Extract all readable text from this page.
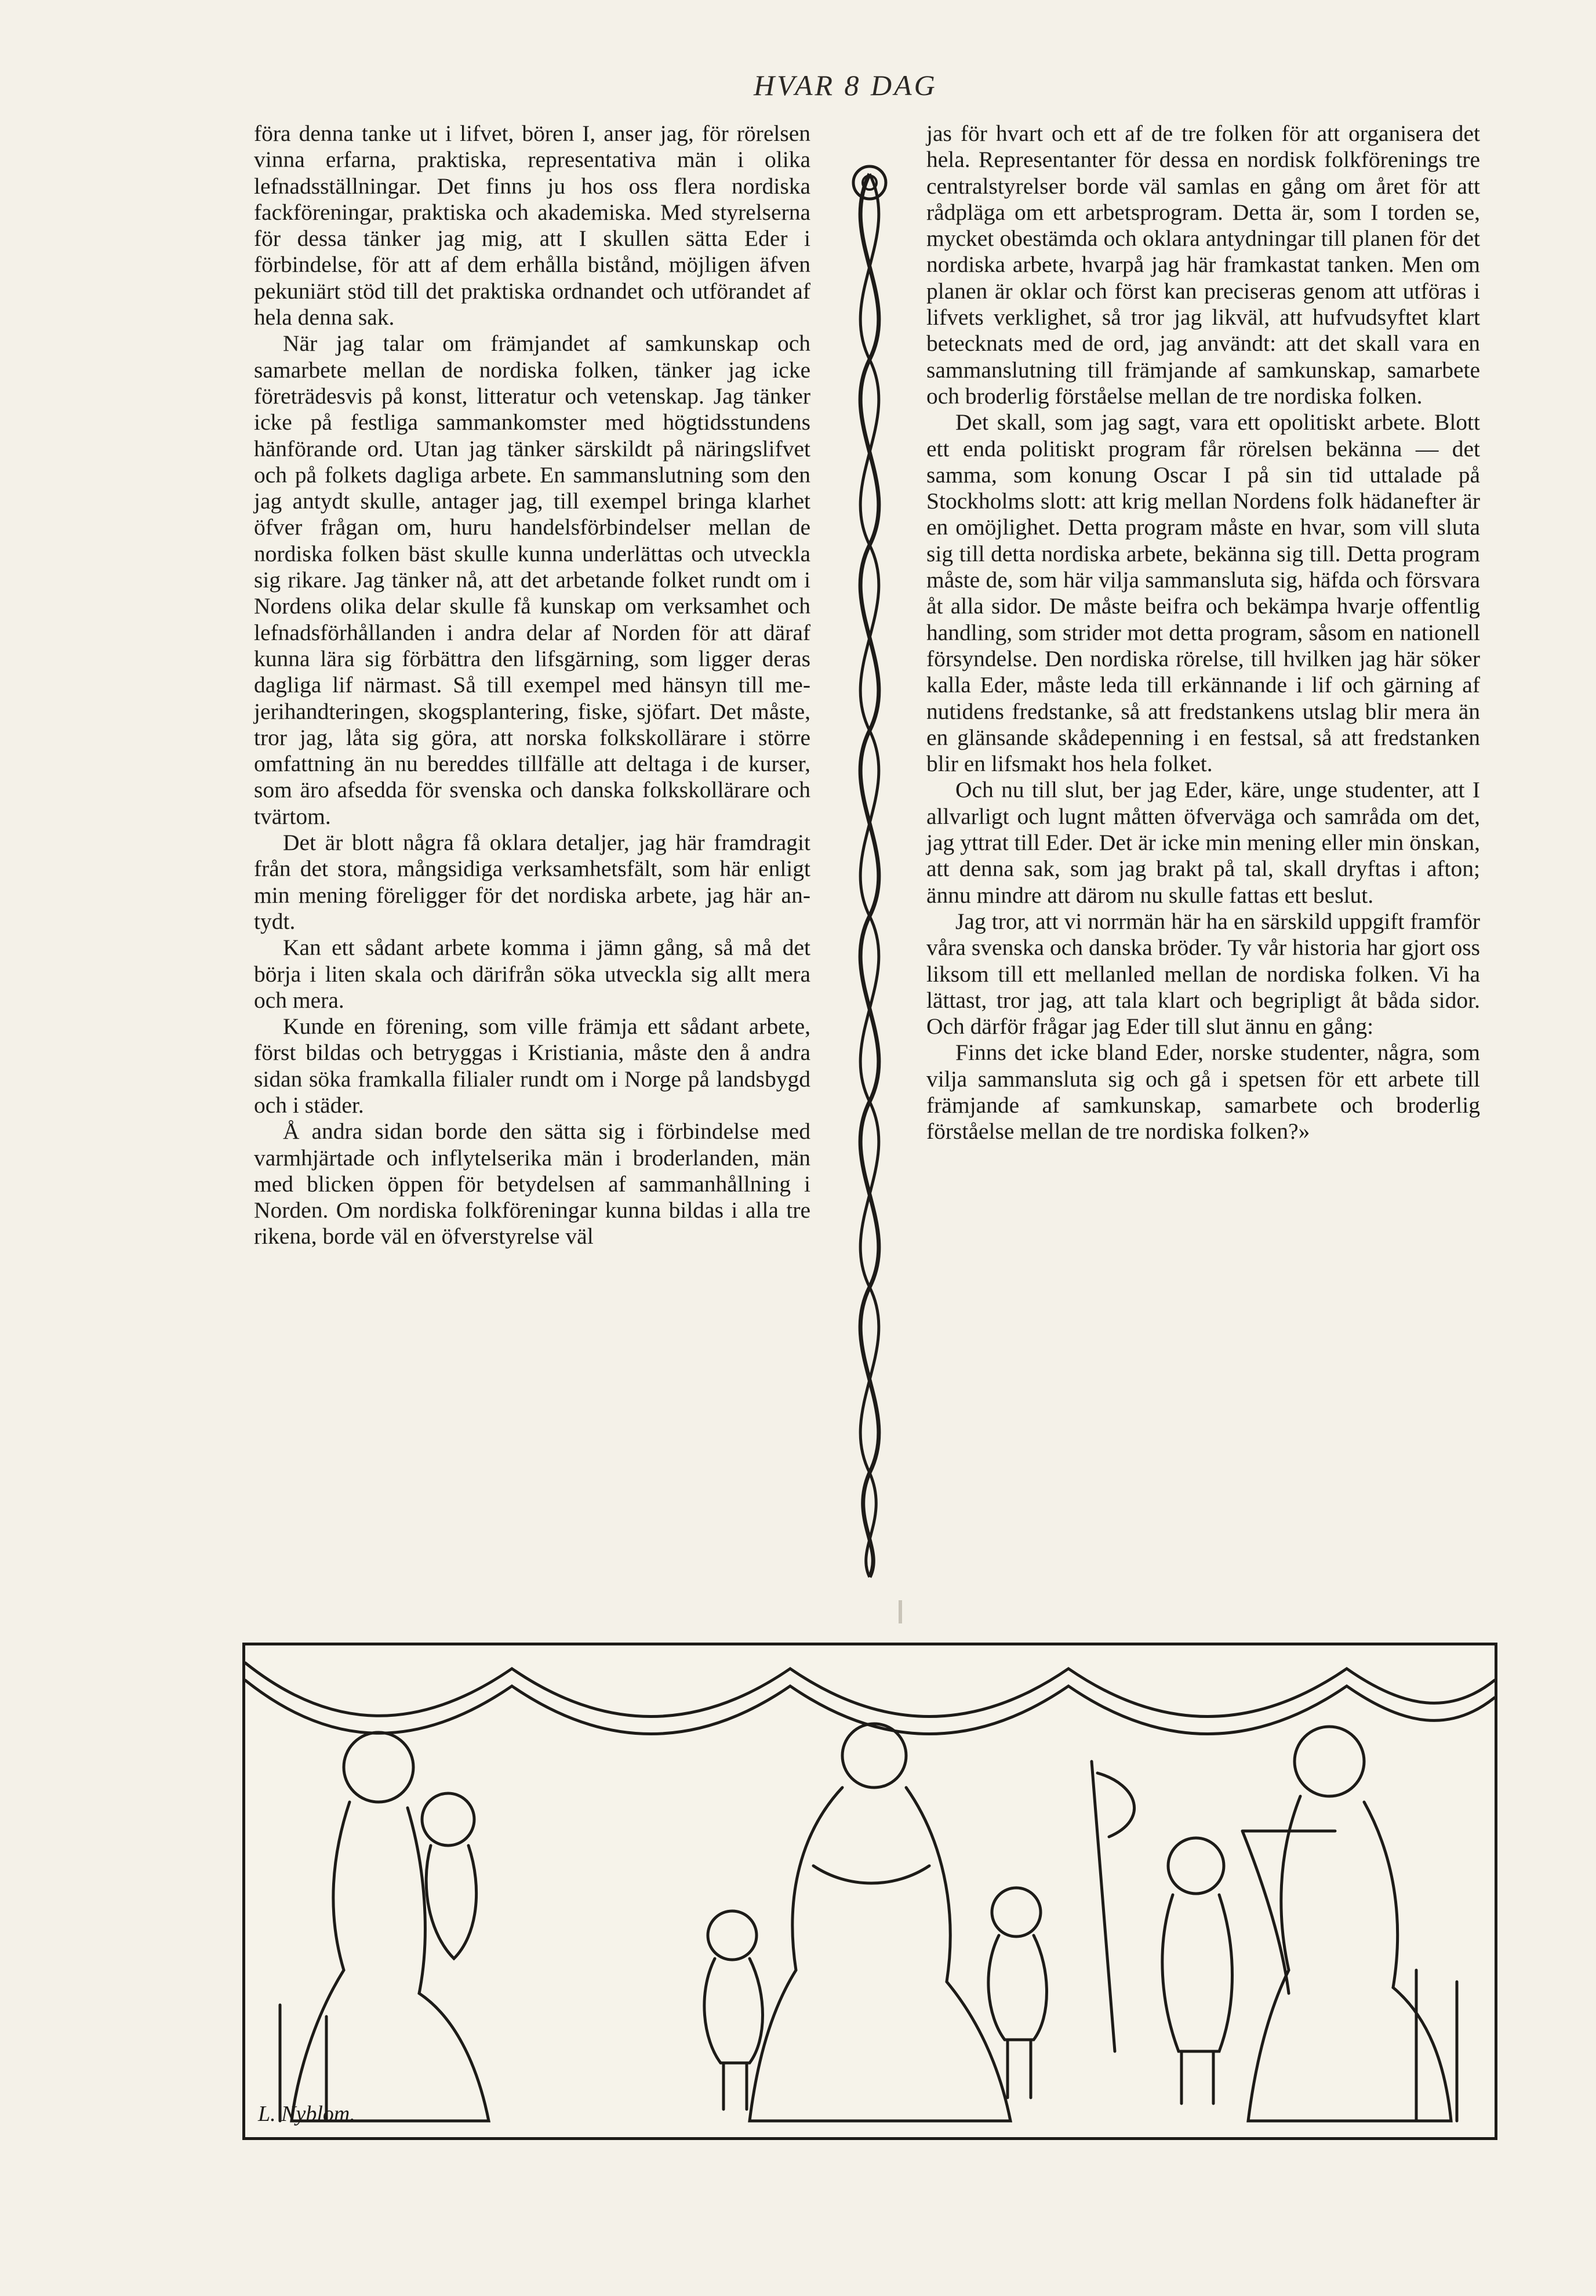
HVAR 8 DAG

föra denna tanke ut i lifvet, bören I, anser jag, för rörelsen vinna erfarna, praktiska, representativa män i olika lefnadsställningar. Det finns ju hos oss flera nordiska fackföreningar, praktiska och akademiska. Med styrelserna för dessa tänker jag mig, att I skullen sätta Eder i förbindelse, för att af dem erhålla bistånd, möjligen äfven pekuniärt stöd till det praktiska ordnandet och utförandet af hela denna sak.

När jag talar om främjandet af samkunskap och samarbete mellan de nordiska folken, tänker jag icke företrädesvis på konst, litteratur och vetenskap. Jag tänker icke på festliga sammankomster med högtidsstundens hänförande ord. Utan jag tänker särskildt på näringslifvet och på folkets dagliga arbete. En sammanslutning som den jag antydt skulle, antager jag, till exempel bringa klarhet öfver frågan om, huru handelsförbindelser mellan de nordiska folken bäst skulle kunna underlättas och utveckla sig rikare. Jag tänker nå, att det arbetande folket rundt om i Nordens olika delar skulle få kunskap om verksamhet och lefnadsförhållanden i andra delar af Norden för att däraf kunna lära sig förbättra den lifsgärning, som ligger deras dagliga lif närmast. Så till exempel med hänsyn till mejerihandteringen, skogsplantering, fiske, sjöfart. Det måste, tror jag, låta sig göra, att norska folkskollärare i större omfattning än nu bereddes tillfälle att deltaga i de kurser, som äro afsedda för svenska och danska folkskollärare och tvärtom.

Det är blott några få oklara detaljer, jag här framdragit från det stora, mångsidiga verksamhetsfält, som här enligt min mening föreligger för det nordiska arbete, jag här antydt.

Kan ett sådant arbete komma i jämn gång, så må det börja i liten skala och därifrån söka utveckla sig allt mera och mera.

Kunde en förening, som ville främja ett sådant arbete, först bildas och betryggas i Kristiania, måste den å andra sidan söka framkalla filialer rundt om i Norge på landsbygd och i städer.

Å andra sidan borde den sätta sig i förbindelse med varmhjärtade och inflytelserika män i broderlanden, män med blicken öppen för betydelsen af sammanhållning i Norden. Om nordiska folkföreningar kunna bildas i alla tre rikena, borde väl en öfverstyrelse väl

jas för hvart och ett af de tre folken för att organisera det hela. Representanter för dessa en nordisk folkförenings tre centralstyrelser borde väl samlas en gång om året för att rådpläga om ett arbetsprogram. Detta är, som I torden se, mycket obestämda och oklara antydningar till planen för det nordiska arbete, hvarpå jag här framkastat tanken. Men om planen är oklar och först kan preciseras genom att utföras i lifvets verklighet, så tror jag likväl, att hufvudsyftet klart betecknats med de ord, jag användt: att det skall vara en sammanslutning till främjande af samkunskap, samarbete och broderlig förståelse mellan de tre nordiska folken.

Det skall, som jag sagt, vara ett opolitiskt arbete. Blott ett enda politiskt program får rörelsen bekänna — det samma, som konung Oscar I på sin tid uttalade på Stockholms slott: att krig mellan Nordens folk hädanefter är en omöjlighet. Detta program måste en hvar, som vill sluta sig till detta nordiska arbete, bekänna sig till. Detta program måste de, som här vilja sammansluta sig, häfda och försvara åt alla sidor. De måste beifra och bekämpa hvarje offentlig handling, som strider mot detta program, såsom en nationell försyndelse. Den nordiska rörelse, till hvilken jag här söker kalla Eder, måste leda till erkännande i lif och gärning af nutidens fredstanke, så att fredstankens utslag blir mera än en glänsande skådepenning i en festsal, så att fredstanken blir en lifsmakt hos hela folket.

Och nu till slut, ber jag Eder, käre, unge studenter, att I allvarligt och lugnt måtten öfverväga och samråda om det, jag yttrat till Eder. Det är icke min mening eller min önskan, att denna sak, som jag brakt på tal, skall dryftas i afton; ännu mindre att därom nu skulle fattas ett beslut.

Jag tror, att vi norrmän här ha en särskild uppgift framför våra svenska och danska bröder. Ty vår historia har gjort oss liksom till ett mellanled mellan de nordiska folken. Vi ha lättast, tror jag, att tala klart och begripligt åt båda sidor. Och därför frågar jag Eder till slut ännu en gång:

Finns det icke bland Eder, norske studenter, några, som vilja sammansluta sig och gå i spetsen för ett arbete till främjande af samkunskap, samarbete och broderlig förståelse mellan de tre nordiska folken?»

L. Nyblom.
